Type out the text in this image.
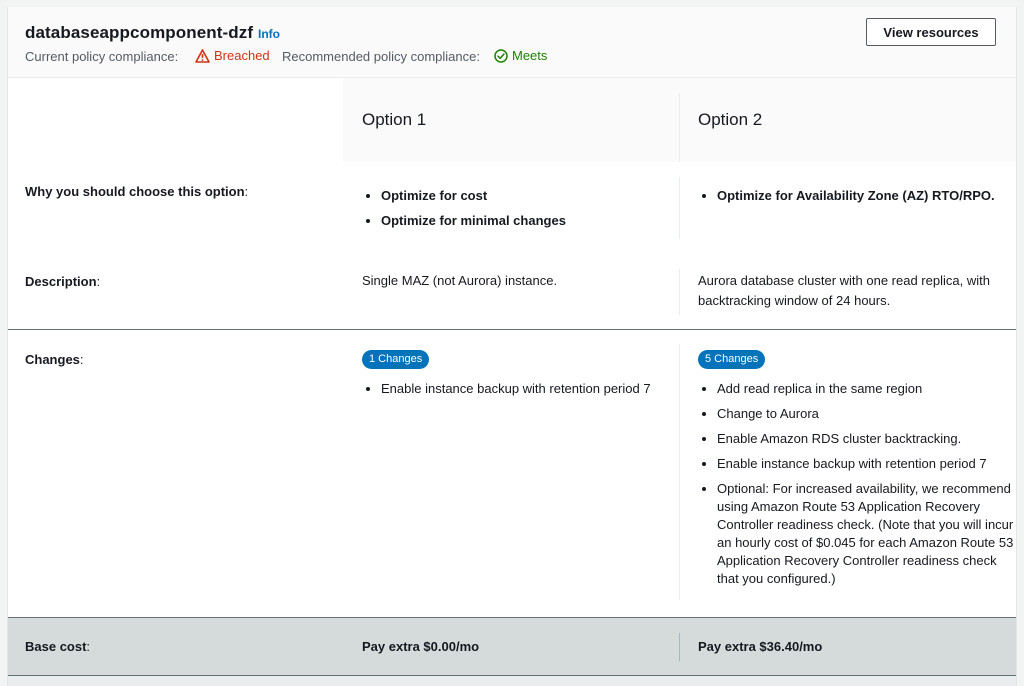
databaseappcomponent-dzf Info
Current policy compliance:	Breached Recommended policy compliance: Meets
View resources
Option 1	Option 2
Why you should choose this option:
•	Optimize for cost
• Optimize for minimal changes
• Optimize for Availability Zone (AZ) RTO/RPO.
Description:	Single MAZ (not Aurora) instance.	Aurora database cluster with one read replica, with backtracking window of 24 hours.
Changes:	1 Changes
• Enable instance backup with retention period 7
5 Changes
• Add read replica in the same region
• Change to Aurora
• Enable Amazon RDS cluster backtracking.
• Enable instance backup with retention period 7
• Optional: For increased availability, we recommend using Amazon Route 53 Application Recovery Controller readiness check. (Note that you will incur an hourly cost of $0.045 for each Amazon Route 53 Application Recovery Controller readiness check that you configured.)
Base cost:	Pay extra $0.00/mo	Pay extra $36.40/mo
